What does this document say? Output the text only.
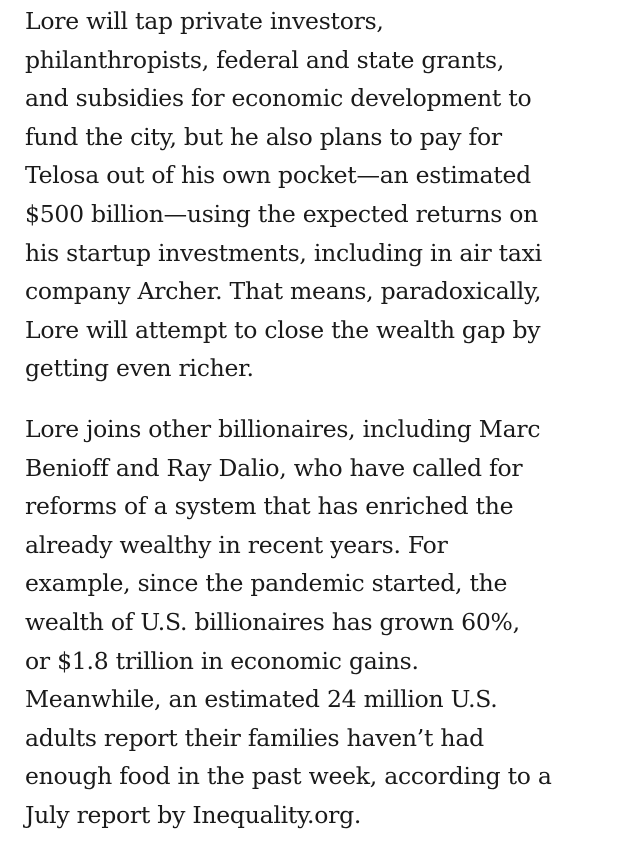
Lore will tap private investors,
philanthropists, federal and state grants,
and subsidies for economic development to
fund the city, but he also plans to pay for
Telosa out of his own pocket—an estimated
$500 billion—using the expected returns on
his startup investments, including in air taxi
company Archer. That means, paradoxically,
Lore will attempt to close the wealth gap by
getting even richer.

Lore joins other billionaires, including Marc
Benioff and Ray Dalio, who have called for
reforms of a system that has enriched the
already wealthy in recent years. For
example, since the pandemic started, the
wealth of U.S. billionaires has grown 60%,
or $1.8 trillion in economic gains.
Meanwhile, an estimated 24 million U.S.
adults report their families haven’t had
enough food in the past week, according to a
July report by Inequality.org.
